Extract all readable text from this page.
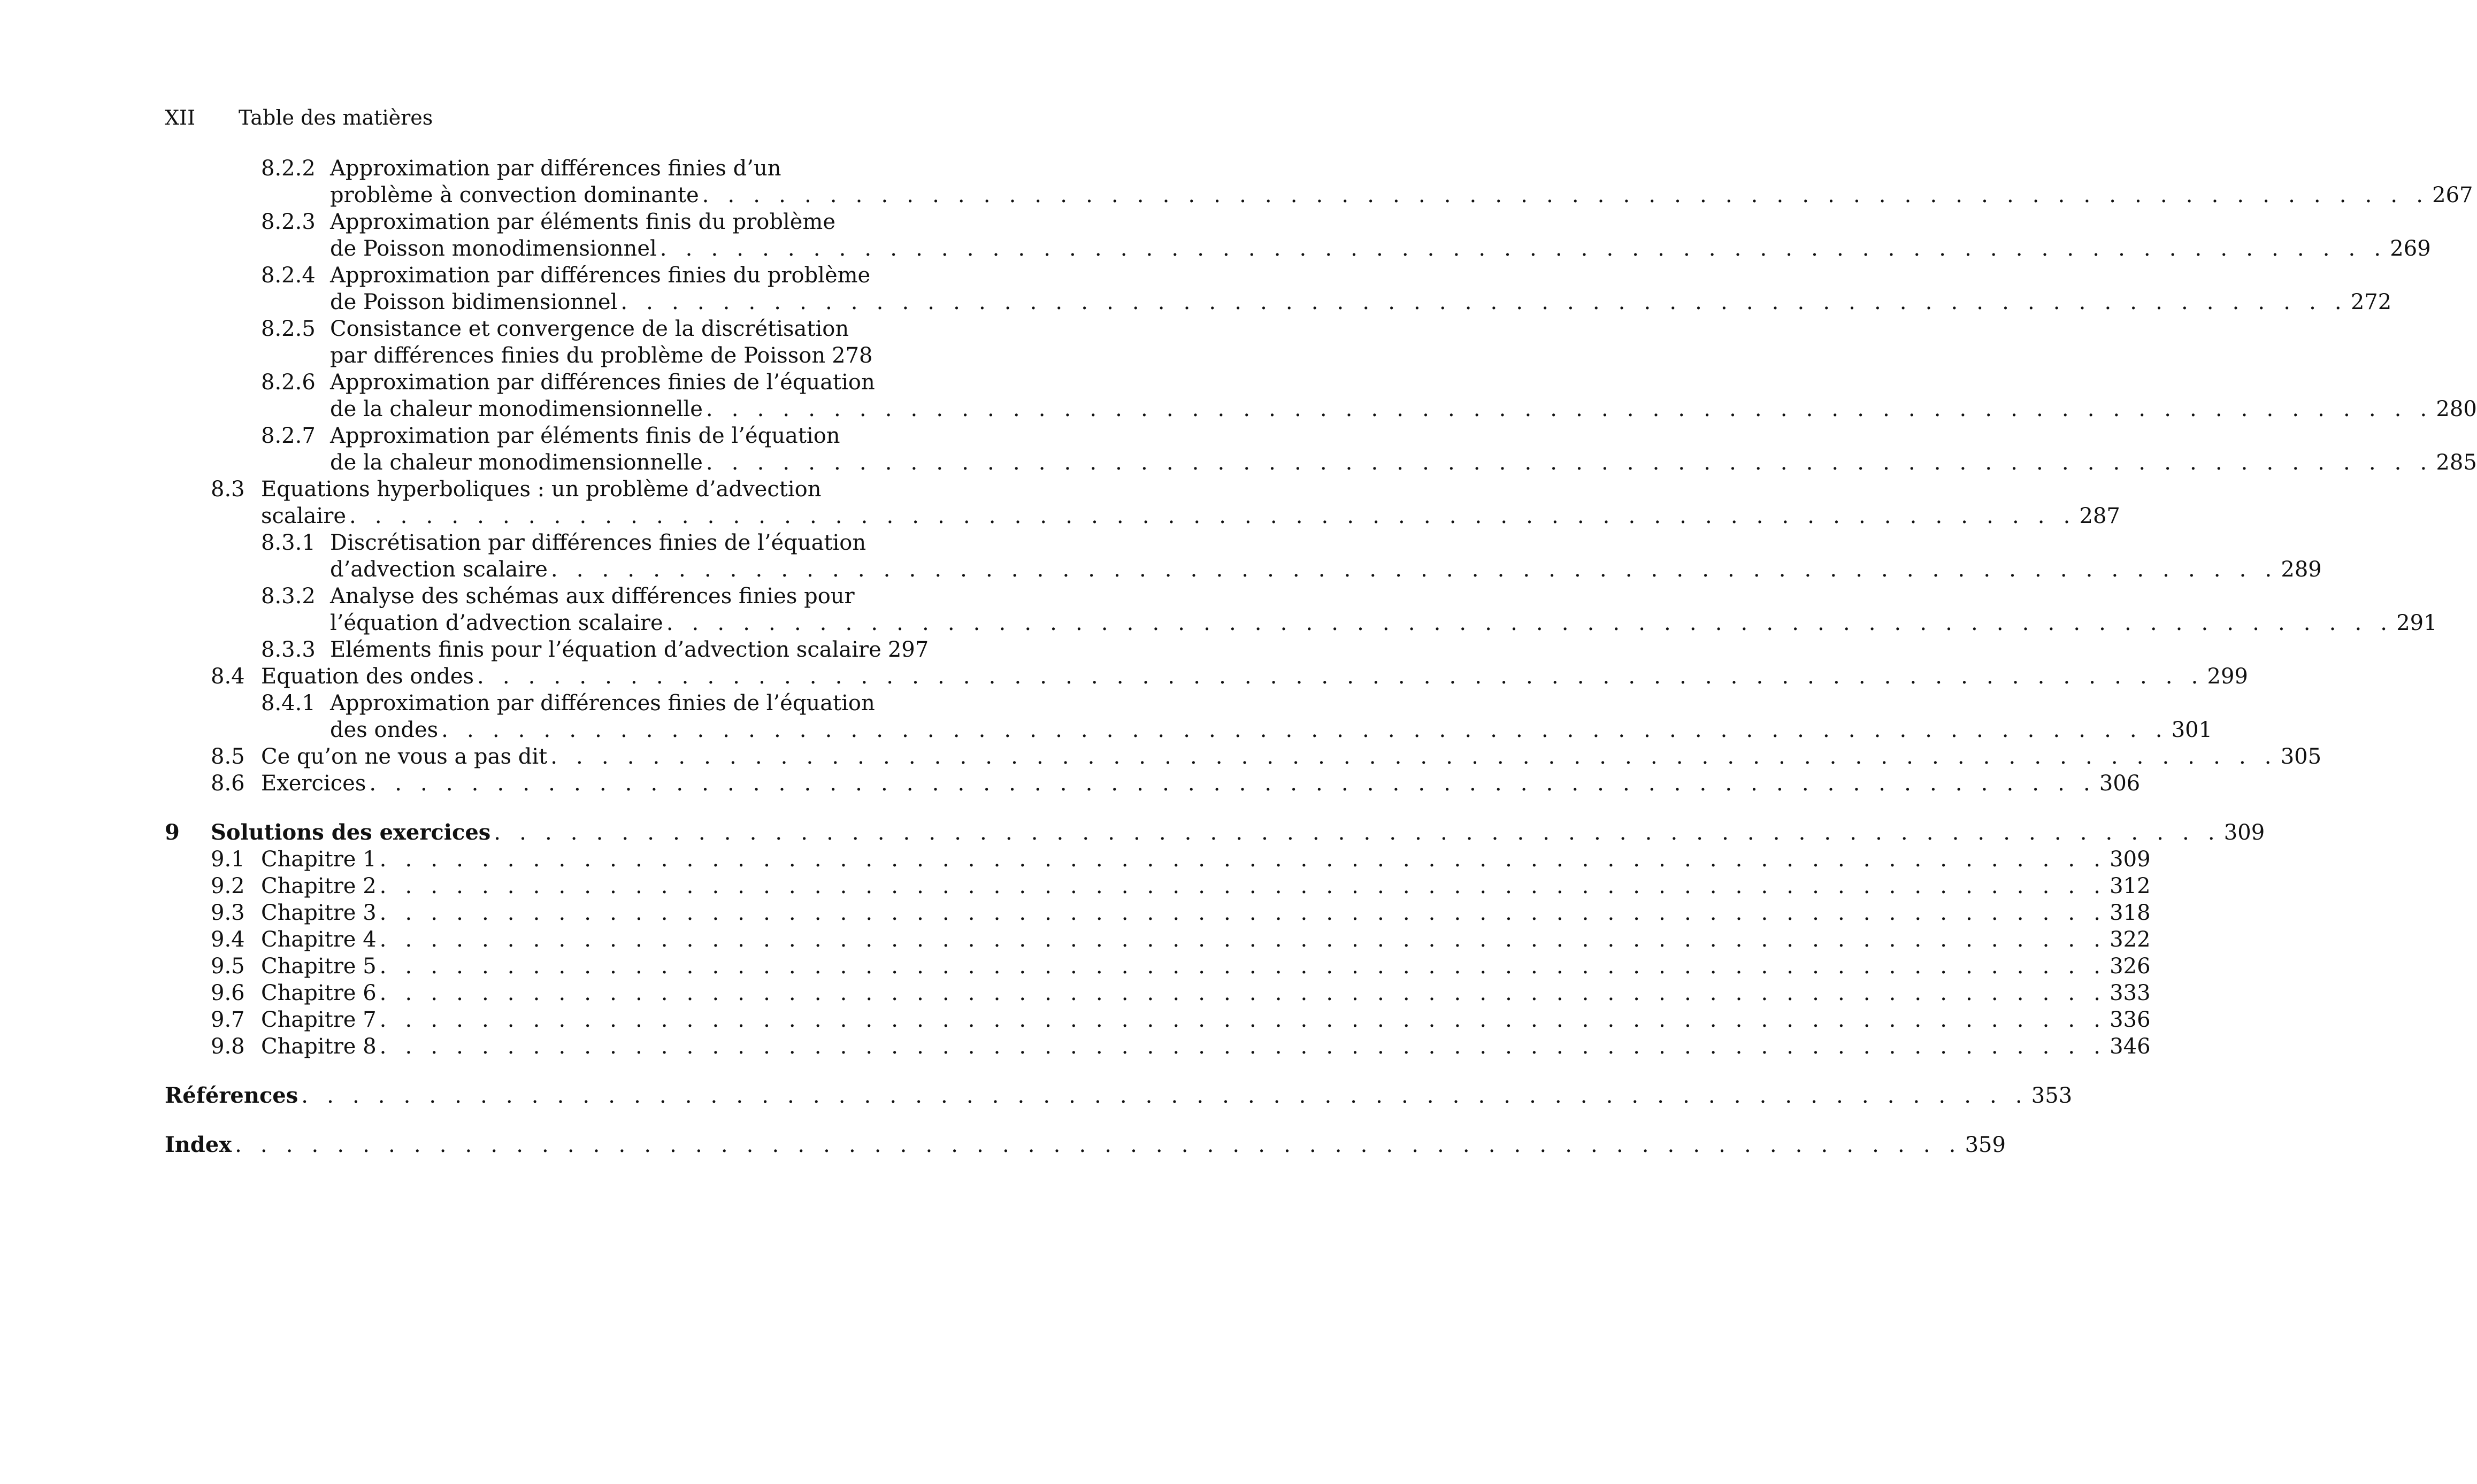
XII Table des matières
8.2.2 Approximation par différences finies d’un
problème à convection dominante . . . . . . . . . . . . . . . . . . . . . . . . . . . . . . . . . . . . . . . . . . . . . . . . . . . . . . . . . . . . . . . . . . . . 267
8.2.3 Approximation par éléments finis du problème
de Poisson monodimensionnel . . . . . . . . . . . . . . . . . . . . . . . . . . . . . . . . . . . . . . . . . . . . . . . . . . . . . . . . . . . . . . . . . . . . 269
8.2.4 Approximation par différences finies du problème
de Poisson bidimensionnel . . . . . . . . . . . . . . . . . . . . . . . . . . . . . . . . . . . . . . . . . . . . . . . . . . . . . . . . . . . . . . . . . . . . 272
8.2.5 Consistance et convergence de la discrétisation
par différences finies du problème de Poisson 278
8.2.6 Approximation par différences finies de l’équation
de la chaleur monodimensionnelle . . . . . . . . . . . . . . . . . . . . . . . . . . . . . . . . . . . . . . . . . . . . . . . . . . . . . . . . . . . . . . . . . . . . 280
8.2.7 Approximation par éléments finis de l’équation
de la chaleur monodimensionnelle . . . . . . . . . . . . . . . . . . . . . . . . . . . . . . . . . . . . . . . . . . . . . . . . . . . . . . . . . . . . . . . . . . . . 285
8.3 Equations hyperboliques : un problème d’advection
scalaire . . . . . . . . . . . . . . . . . . . . . . . . . . . . . . . . . . . . . . . . . . . . . . . . . . . . . . . . . . . . . . . . . . . . 287
8.3.1 Discrétisation par différences finies de l’équation
d’advection scalaire . . . . . . . . . . . . . . . . . . . . . . . . . . . . . . . . . . . . . . . . . . . . . . . . . . . . . . . . . . . . . . . . . . . . 289
8.3.2 Analyse des schémas aux différences finies pour
l’équation d’advection scalaire . . . . . . . . . . . . . . . . . . . . . . . . . . . . . . . . . . . . . . . . . . . . . . . . . . . . . . . . . . . . . . . . . . . . 291
8.3.3 Eléments finis pour l’équation d’advection scalaire 297
8.4 Equation des ondes . . . . . . . . . . . . . . . . . . . . . . . . . . . . . . . . . . . . . . . . . . . . . . . . . . . . . . . . . . . . . . . . . . . . 299
8.4.1 Approximation par différences finies de l’équation
des ondes . . . . . . . . . . . . . . . . . . . . . . . . . . . . . . . . . . . . . . . . . . . . . . . . . . . . . . . . . . . . . . . . . . . . 301
8.5 Ce qu’on ne vous a pas dit . . . . . . . . . . . . . . . . . . . . . . . . . . . . . . . . . . . . . . . . . . . . . . . . . . . . . . . . . . . . . . . . . . . . 305
8.6 Exercices . . . . . . . . . . . . . . . . . . . . . . . . . . . . . . . . . . . . . . . . . . . . . . . . . . . . . . . . . . . . . . . . . . . . 306
9 Solutions des exercices . . . . . . . . . . . . . . . . . . . . . . . . . . . . . . . . . . . . . . . . . . . . . . . . . . . . . . . . . . . . . . . . . . . . 309
9.1 Chapitre 1 . . . . . . . . . . . . . . . . . . . . . . . . . . . . . . . . . . . . . . . . . . . . . . . . . . . . . . . . . . . . . . . . . . . . 309
9.2 Chapitre 2 . . . . . . . . . . . . . . . . . . . . . . . . . . . . . . . . . . . . . . . . . . . . . . . . . . . . . . . . . . . . . . . . . . . . 312
9.3 Chapitre 3 . . . . . . . . . . . . . . . . . . . . . . . . . . . . . . . . . . . . . . . . . . . . . . . . . . . . . . . . . . . . . . . . . . . . 318
9.4 Chapitre 4 . . . . . . . . . . . . . . . . . . . . . . . . . . . . . . . . . . . . . . . . . . . . . . . . . . . . . . . . . . . . . . . . . . . . 322
9.5 Chapitre 5 . . . . . . . . . . . . . . . . . . . . . . . . . . . . . . . . . . . . . . . . . . . . . . . . . . . . . . . . . . . . . . . . . . . . 326
9.6 Chapitre 6 . . . . . . . . . . . . . . . . . . . . . . . . . . . . . . . . . . . . . . . . . . . . . . . . . . . . . . . . . . . . . . . . . . . . 333
9.7 Chapitre 7 . . . . . . . . . . . . . . . . . . . . . . . . . . . . . . . . . . . . . . . . . . . . . . . . . . . . . . . . . . . . . . . . . . . . 336
9.8 Chapitre 8 . . . . . . . . . . . . . . . . . . . . . . . . . . . . . . . . . . . . . . . . . . . . . . . . . . . . . . . . . . . . . . . . . . . . 346
Références . . . . . . . . . . . . . . . . . . . . . . . . . . . . . . . . . . . . . . . . . . . . . . . . . . . . . . . . . . . . . . . . . . . . 353
Index . . . . . . . . . . . . . . . . . . . . . . . . . . . . . . . . . . . . . . . . . . . . . . . . . . . . . . . . . . . . . . . . . . . . 359
